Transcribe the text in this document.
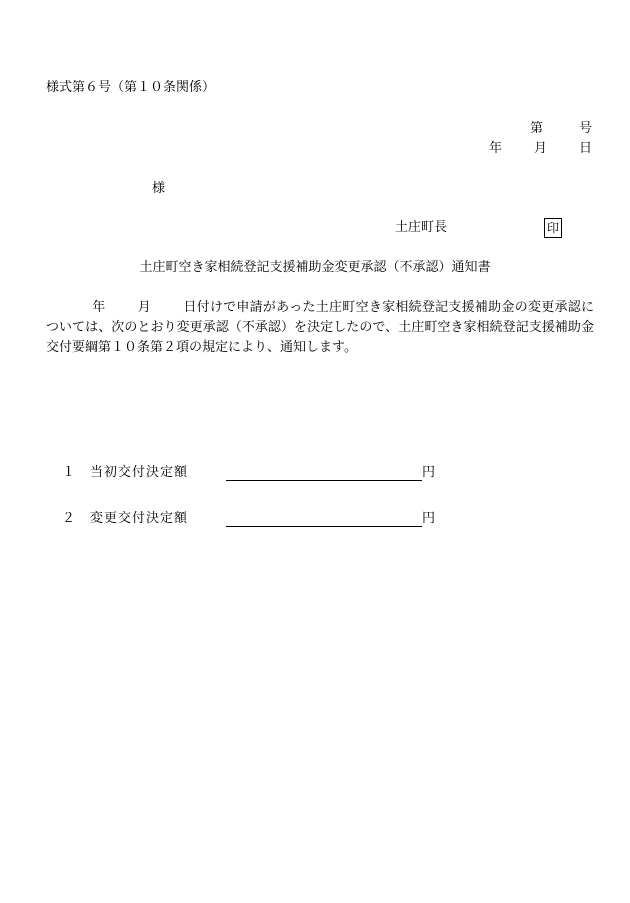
様式第６号（第１０条関係）
第	号
年 月 日
様
土庄町長	印
土庄町空き家相続登記支援補助金変更承認（不承認）通知書
年 月 日付けで申請があった土庄町空き家相続登記支援補助金の変更承認については、次のとおり変更承認（不承認）を決定したので、土庄町空き家相続登記支援補助金交付要綱第１０条第２項の規定により、通知します。
１ 当初交付決定額	円
２ 変更交付決定額	円
